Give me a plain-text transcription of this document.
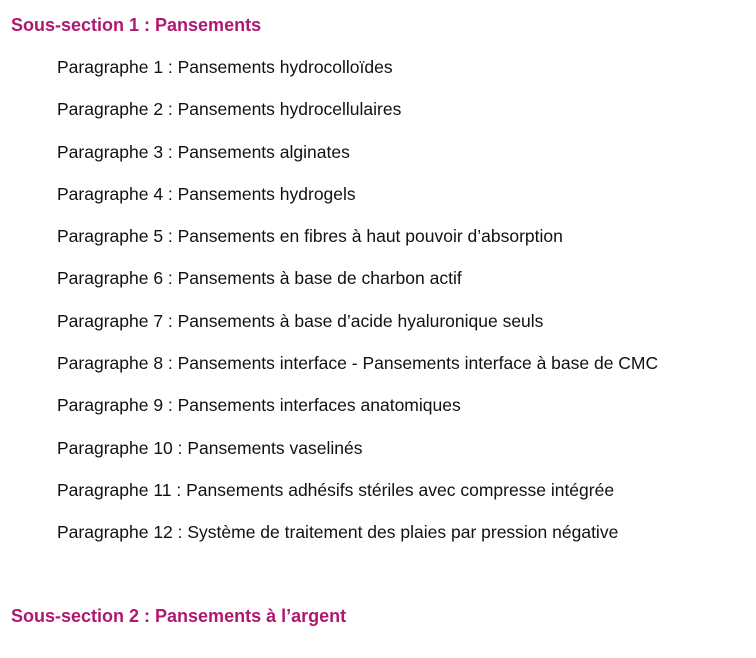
Sous-section 1 : Pansements
Paragraphe 1 : Pansements hydrocolloïdes
Paragraphe 2 : Pansements hydrocellulaires
Paragraphe 3 : Pansements alginates
Paragraphe 4 : Pansements hydrogels
Paragraphe 5 : Pansements en fibres à haut pouvoir d’absorption
Paragraphe 6 : Pansements à base de charbon actif
Paragraphe 7 : Pansements à base d’acide hyaluronique seuls
Paragraphe 8 : Pansements interface - Pansements interface à base de CMC
Paragraphe 9 : Pansements interfaces anatomiques
Paragraphe 10 : Pansements vaselinés
Paragraphe 11 : Pansements adhésifs stériles avec compresse intégrée
Paragraphe 12 : Système de traitement des plaies par pression négative
Sous-section 2 : Pansements à l’argent
